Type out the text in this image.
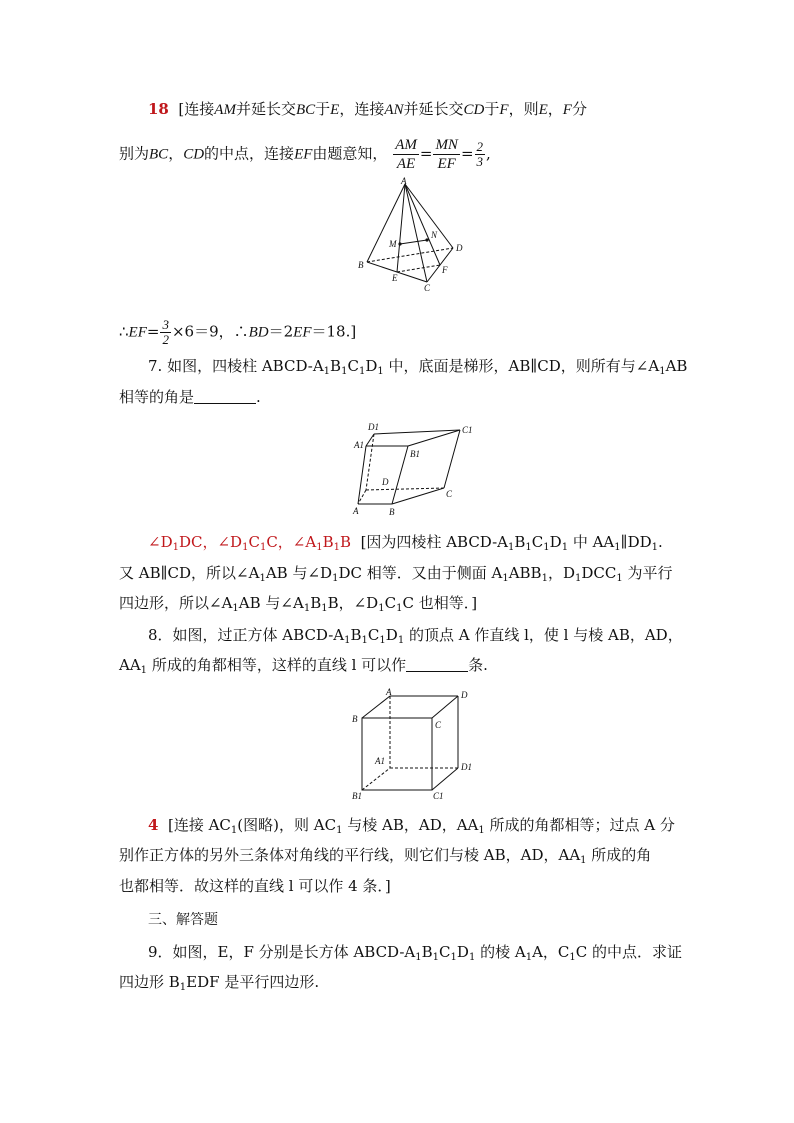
18 [连接AM并延长交BC于E，连接AN并延长交CD于F，则E，F分
别为BC，CD的中点，连接EF由题意知， $\frac{AM}{AE} = \frac{MN}{EF} = \frac{2}{3}$ ,
A
M
N
D
B
E
F
C
∴EF= $\frac{3}{2} \times 6=9$，∴BD＝2EF＝18.]
7. 如图，四棱柱 ABCD-$A_1B_1C_1D_1$ 中，底面是梯形，AB∥CD，则所有与$\angle A_1AB$
相等的角是	.
D1	C1
A1
B1
D
C
A	B
$\angle D_1DC$，$\angle D_1C_1C$，$\angle A_1B_1B$ [因为四棱柱 ABCD-$A_1B_1C_1D_1$ 中 $AA_1\parallel DD_1$.
又 AB∥CD，所以$\angle A_1AB$ 与$\angle D_1DC$ 相等．又由于侧面 $A_1ABB_1$，$D_1DCC_1$ 为平行
四边形，所以$\angle A_1AB$ 与$\angle A_1B_1B$，$\angle D_1C_1C$ 也相等．]
8．如图，过正方体 ABCD-$A_1B_1C_1D_1$ 的顶点 A 作直线 l，使 l 与棱 AB，AD，
$AA_1$ 所成的角都相等，这样的直线 l 可以作	条.
A	D
B
C
A1
D1
B1	C1
4 [连接 $AC_1$(图略)，则 $AC_1$ 与棱 AB，AD，$AA_1$ 所成的角都相等；过点 A 分
别作正方体的另外三条体对角线的平行线，则它们与棱 AB，AD，$AA_1$ 所成的角
也都相等．故这样的直线 l 可以作 4 条．]
三、解答题
9．如图，E，F 分别是长方体 ABCD-$A_1B_1C_1D_1$ 的棱 $A_1A$，$C_1C$ 的中点．求证
四边形 $B_1EDF$ 是平行四边形.
